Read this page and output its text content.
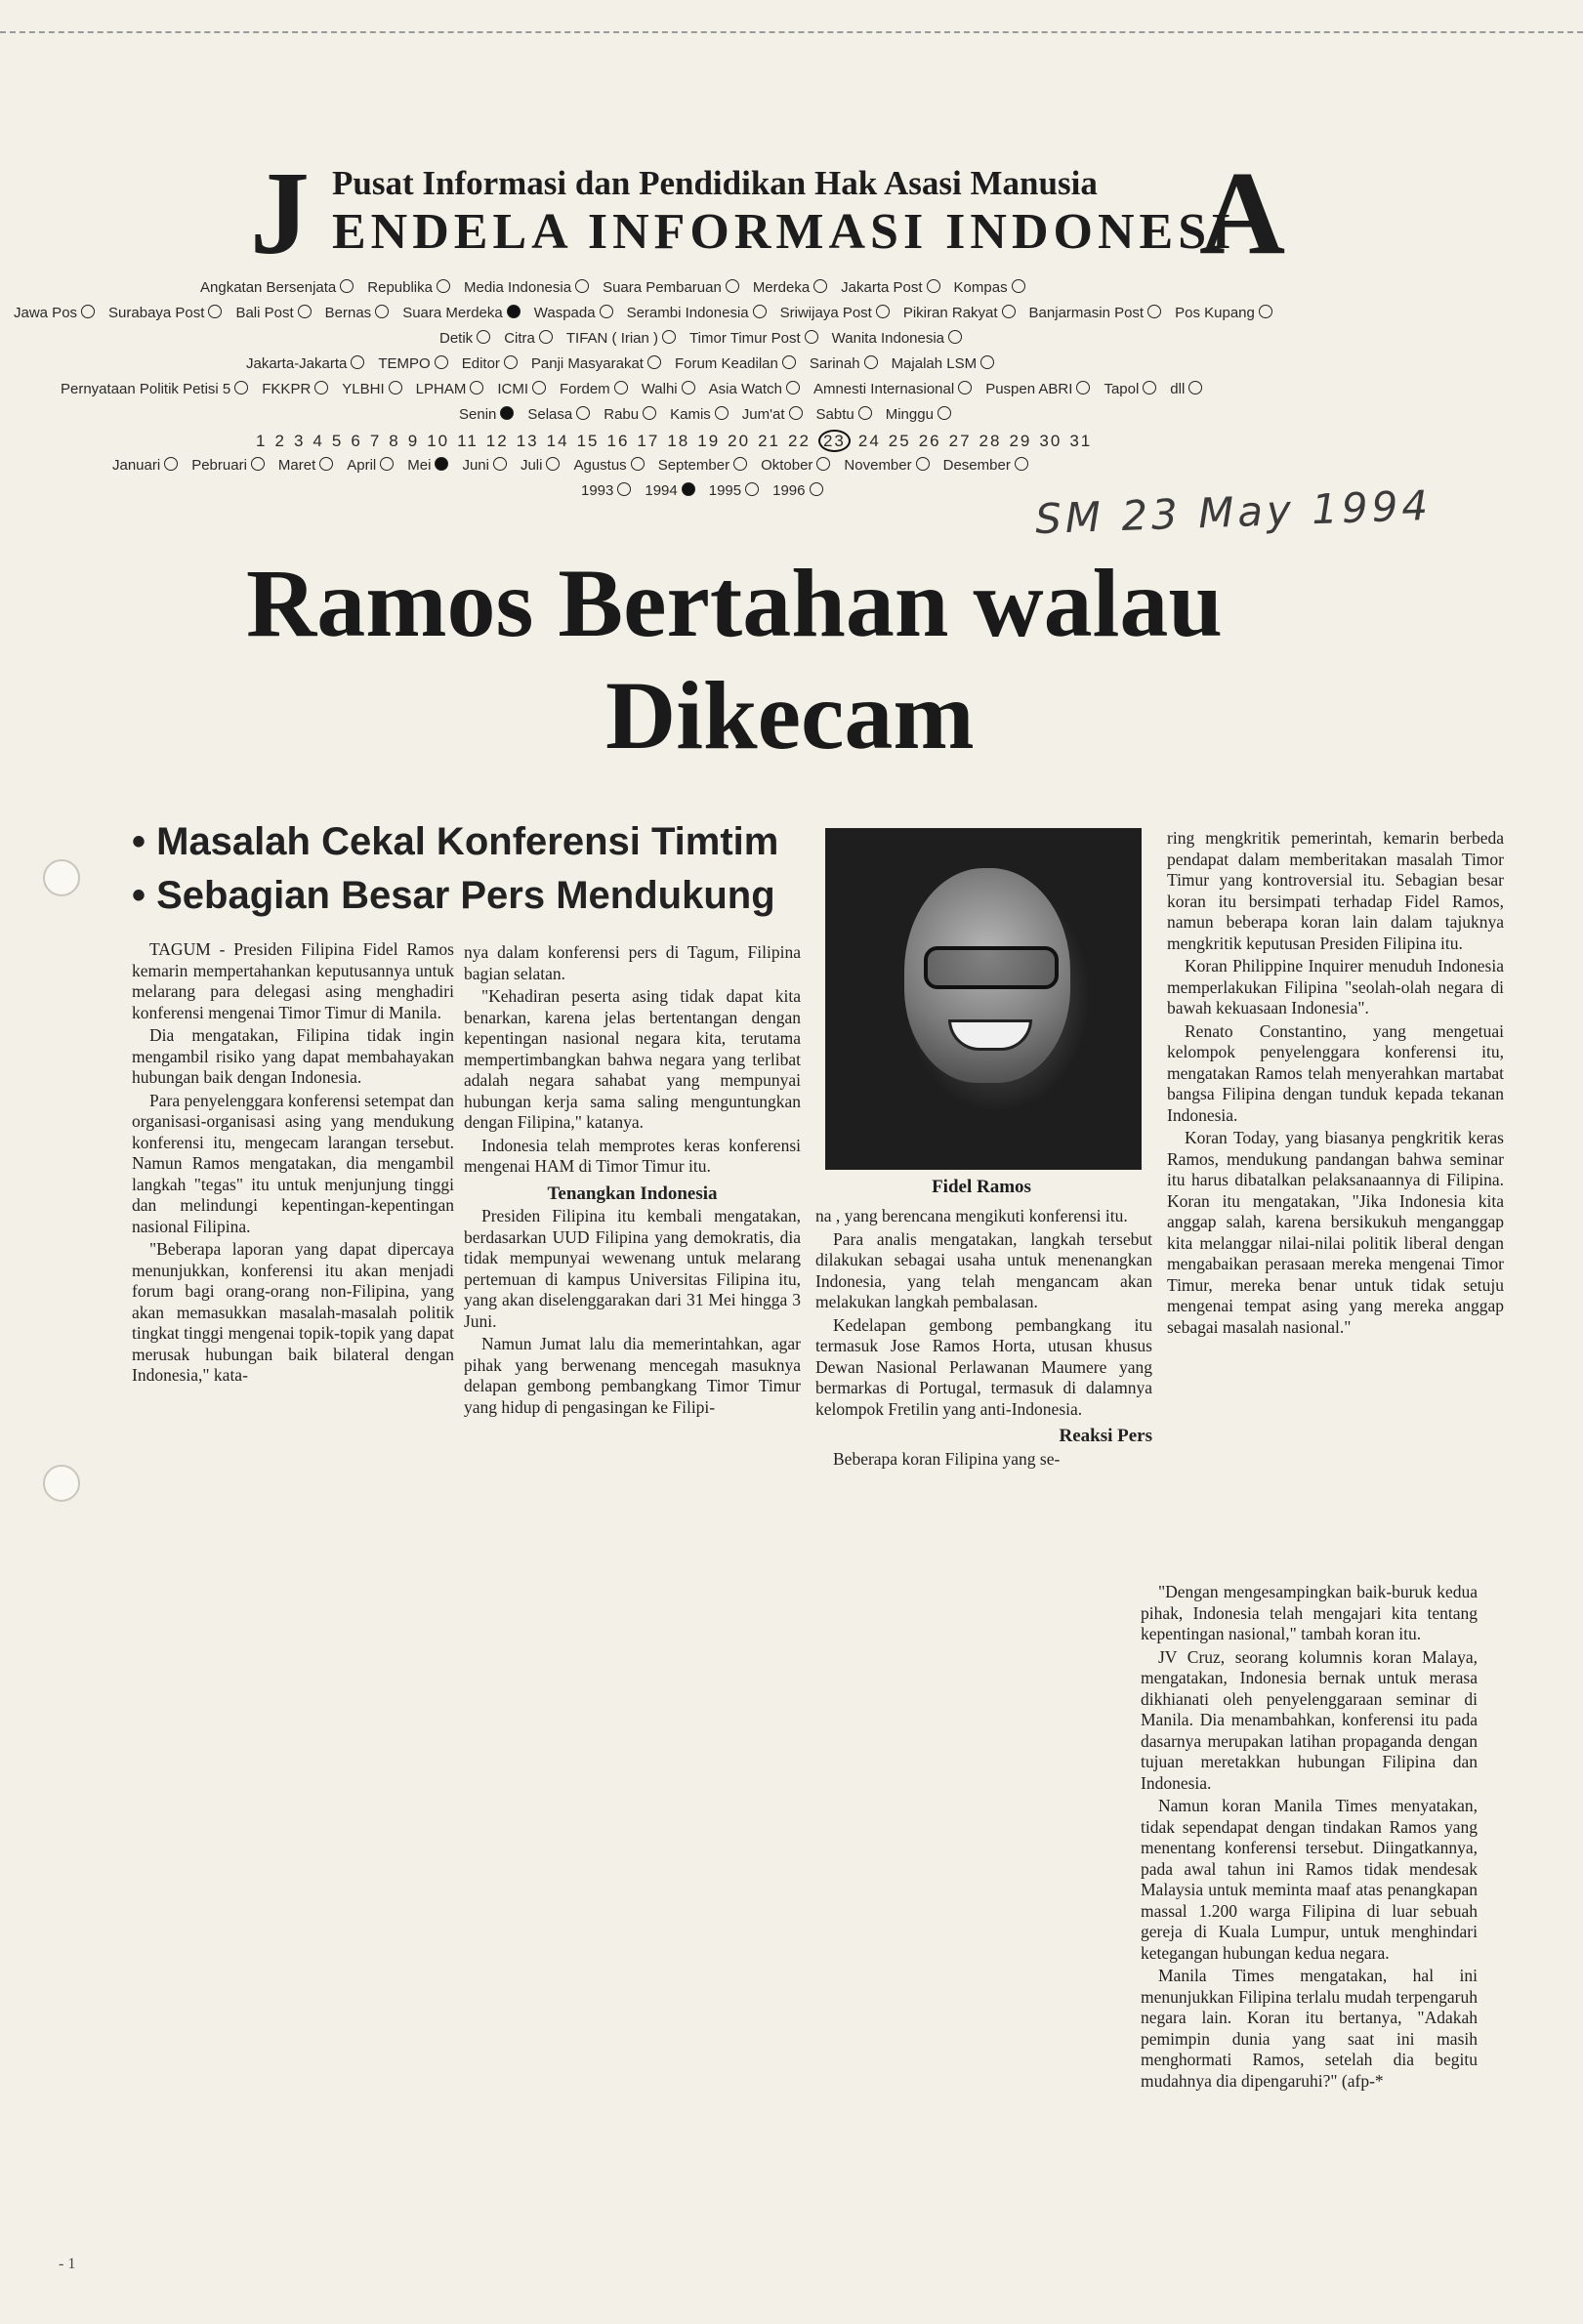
J Pusat Informasi dan Pendidikan Hak Asasi Manusia
ENDELA INFORMASI INDONESI
A
Angkatan Bersenjata Republika Media Indonesia Suara Pembaruan Merdeka Jakarta Post Kompas
Jawa Pos Surabaya Post Bali Post Bernas Suara Merdeka Waspada Serambi Indonesia Sriwijaya Post Pikiran Rakyat Banjarmasin Post Pos Kupang
Detik Citra TIFAN ( Irian ) Timor Timur Post Wanita Indonesia
Jakarta-Jakarta TEMPO Editor Panji Masyarakat Forum Keadilan Sarinah Majalah LSM
Pernyataan Politik Petisi 5 FKKPR YLBHI LPHAM ICMI Fordem Walhi Asia Watch Amnesti Internasional Puspen ABRI Tapol dll
Senin Selasa Rabu Kamis Jum'at Sabtu Minggu
1 2 3 4 5 6 7 8 9 10 11 12 13 14 15 16 17 18 19 20 21 22 23 24 25 26 27 28 29 30 31
Januari Pebruari Maret April Mei Juni Juli Agustus September Oktober November Desember
1993 1994 1995 1996	SM 23 May 1994
Ramos Bertahan walau
Dikecam
• Masalah Cekal Konferensi Timtim
• Sebagian Besar Pers Mendukung

TAGUM - Presiden Filipina Fidel Ramos kemarin mempertahankan keputusannya untuk melarang para delegasi asing menghadiri konferensi mengenai Timor Timur di Manila.

Dia mengatakan, Filipina tidak ingin mengambil risiko yang dapat membahayakan hubungan baik dengan Indonesia.

Para penyelenggara konferensi setempat dan organisasi-organisasi asing yang mendukung konferensi itu, mengecam larangan tersebut. Namun Ramos mengatakan, dia mengambil langkah "tegas" itu untuk menjunjung tinggi dan melindungi kepentingan-kepentingan nasional Filipina.

"Beberapa laporan yang dapat dipercaya menunjukkan, konferensi itu akan menjadi forum bagi orang-orang non-Filipina, yang akan memasukkan masalah-masalah politik tingkat tinggi mengenai topik-topik yang dapat merusak hubungan baik bilateral dengan Indonesia," kata-

nya dalam konferensi pers di Tagum, Filipina bagian selatan.

"Kehadiran peserta asing tidak dapat kita benarkan, karena jelas bertentangan dengan kepentingan nasional negara kita, terutama mempertimbangkan bahwa negara yang terlibat adalah negara sahabat yang mempunyai hubungan kerja sama saling menguntungkan dengan Filipina," katanya.

Indonesia telah memprotes keras konferensi mengenai HAM di Timor Timur itu.

Tenangkan Indonesia

Presiden Filipina itu kembali mengatakan, berdasarkan UUD Filipina yang demokratis, dia tidak mempunyai wewenang untuk melarang pertemuan di kampus Universitas Filipina itu, yang akan diselenggarakan dari 31 Mei hingga 3 Juni.

Namun Jumat lalu dia memerintahkan, agar pihak yang berwenang mencegah masuknya delapan gembong pembangkang Timor Timur yang hidup di pengasingan ke Filipi-

Fidel Ramos

na , yang berencana mengikuti konferensi itu.

Para analis mengatakan, langkah tersebut dilakukan sebagai usaha untuk menenangkan Indonesia, yang telah mengancam akan melakukan langkah pembalasan.

Kedelapan gembong pembangkang itu termasuk Jose Ramos Horta, utusan khusus Dewan Nasional Perlawanan Maumere yang bermarkas di Portugal, termasuk di dalamnya kelompok Fretilin yang anti-Indonesia.

Reaksi Pers

Beberapa koran Filipina yang se-

ring mengkritik pemerintah, kemarin berbeda pendapat dalam memberitakan masalah Timor Timur yang kontroversial itu. Sebagian besar koran itu bersimpati terhadap Fidel Ramos, namun beberapa koran lain dalam tajuknya mengkritik keputusan Presiden Filipina itu.

Koran Philippine Inquirer menuduh Indonesia memperlakukan Filipina "seolah-olah negara di bawah kekuasaan Indonesia".

Renato Constantino, yang mengetuai kelompok penyelenggara konferensi itu, mengatakan Ramos telah menyerahkan martabat bangsa Filipina dengan tunduk kepada tekanan Indonesia.

Koran Today, yang biasanya pengkritik keras Ramos, mendukung pandangan bahwa seminar itu harus dibatalkan pelaksanaannya di Filipina. Koran itu mengatakan, "Jika Indonesia kita anggap salah, karena bersikukuh menganggap kita melanggar nilai-nilai politik liberal dengan mengabaikan perasaan mereka mengenai Timor Timur, mereka benar untuk tidak setuju mengenai tempat asing yang mereka anggap sebagai masalah nasional."

"Dengan mengesampingkan baik-buruk kedua pihak, Indonesia telah mengajari kita tentang kepentingan nasional," tambah koran itu.

JV Cruz, seorang kolumnis koran Malaya, mengatakan, Indonesia bernak untuk merasa dikhianati oleh penyelenggaraan seminar di Manila. Dia menambahkan, konferensi itu pada dasarnya merupakan latihan propaganda dengan tujuan meretakkan hubungan Filipina dan Indonesia.

Namun koran Manila Times menyatakan, tidak sependapat dengan tindakan Ramos yang menentang konferensi tersebut. Diingatkannya, pada awal tahun ini Ramos tidak mendesak Malaysia untuk meminta maaf atas penangkapan massal 1.200 warga Filipina di luar sebuah gereja di Kuala Lumpur, untuk menghindari ketegangan hubungan kedua negara.

Manila Times mengatakan, hal ini menunjukkan Filipina terlalu mudah terpengaruh negara lain. Koran itu bertanya, "Adakah pemimpin dunia yang saat ini masih menghormati Ramos, setelah dia begitu mudahnya dia dipengaruhi?" (afp-*

- 1
